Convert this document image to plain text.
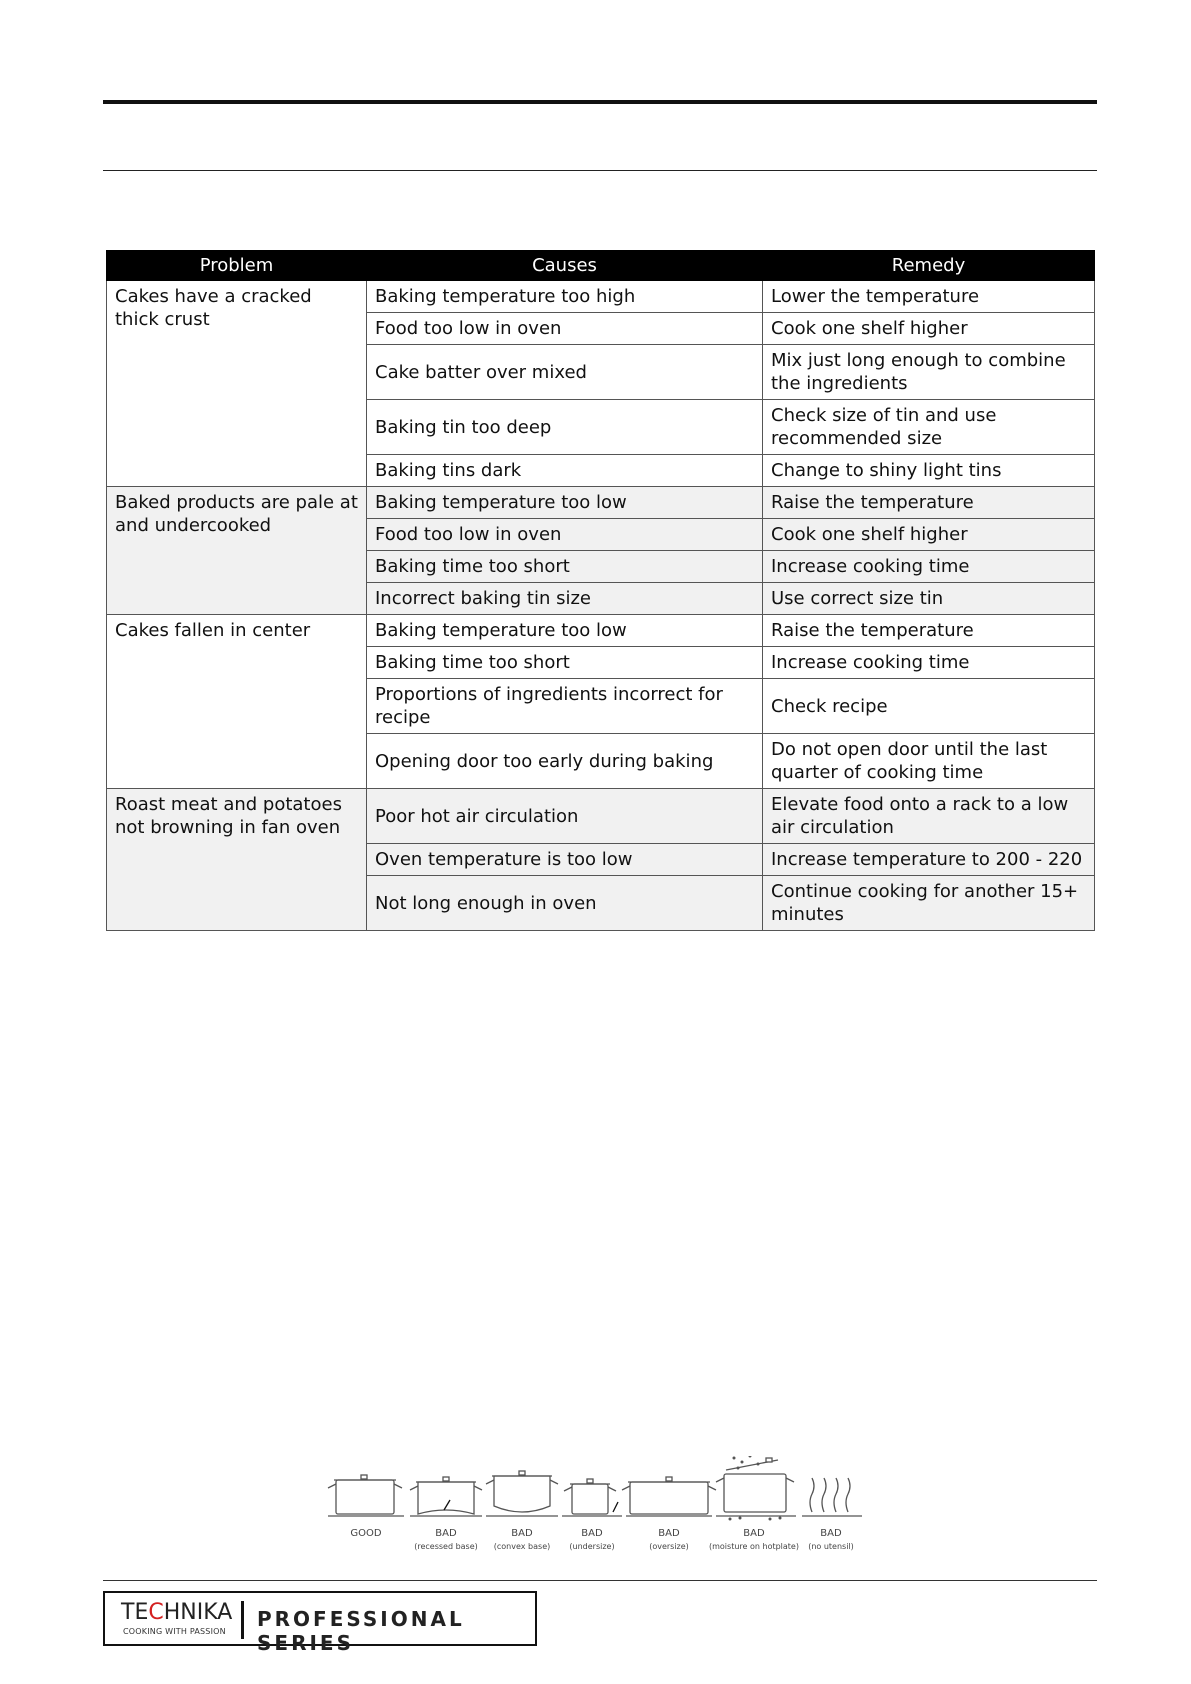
Problem	Causes	Remedy
Cakes have a cracked thick crust	Baking temperature too high	Lower the temperature
	Food too low in oven	Cook one shelf higher
	Cake batter over mixed	Mix just long enough to combine the ingredients
	Baking tin too deep	Check size of tin and use recommended size
	Baking tins dark	Change to shiny light tins
Baked products are pale at and undercooked	Baking temperature too low	Raise the temperature
	Food too low in oven	Cook one shelf higher
	Baking time too short	Increase cooking time
	Incorrect baking tin size	Use correct size tin
Cakes fallen in center	Baking temperature too low	Raise the temperature
	Baking time too short	Increase cooking time
	Proportions of ingredients incorrect for recipe	Check recipe
	Opening door too early during baking	Do not open door until the last quarter of cooking time
Roast meat and potatoes not browning in fan oven	Poor hot air circulation	Elevate food onto a rack to a low air circulation
	Oven temperature is too low	Increase temperature to 200 - 220
	Not long enough in oven	Continue cooking for another 15+ minutes
GOOD	BAD
(recessed base)
BAD
(convex base)
BAD
(undersize)
BAD
(oversize)
BAD
(moisture on hotplate)
BAD
(no utensil)
TECHNIKA
COOKING WITH PASSION
PROFESSIONAL SERIES
